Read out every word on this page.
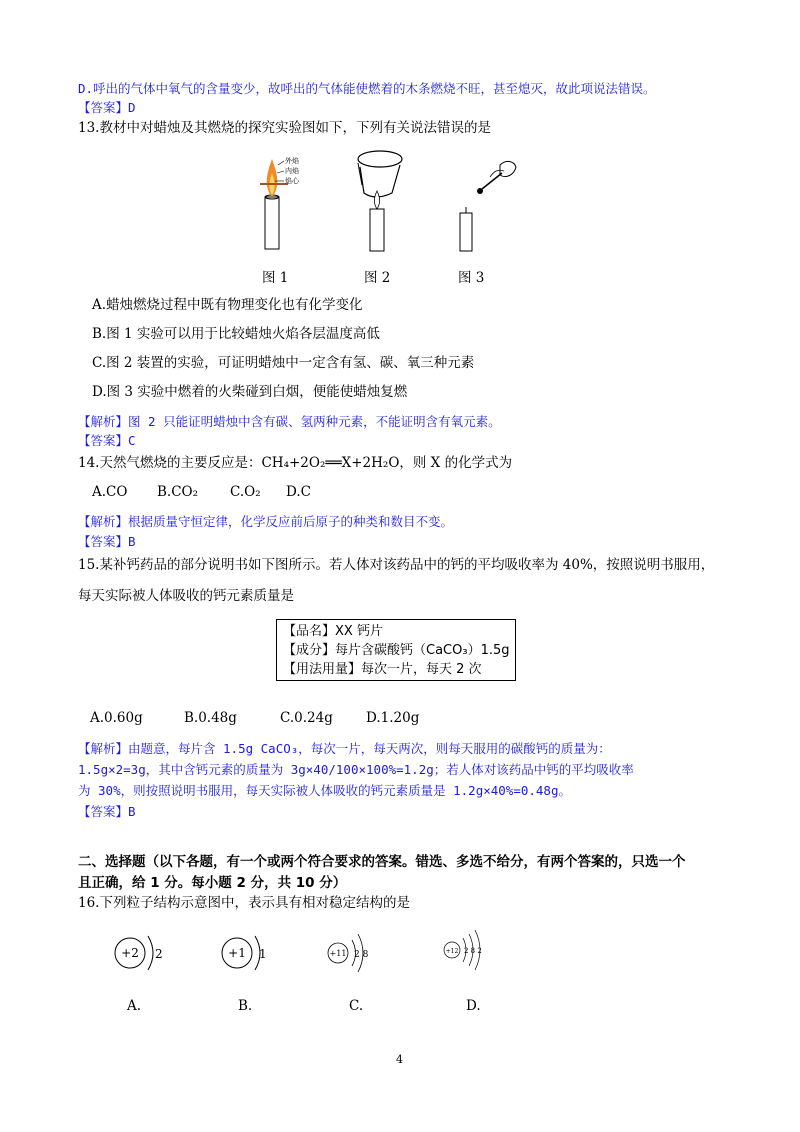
D.呼出的气体中氧气的含量变少，故呼出的气体能使燃着的木条燃烧不旺，甚至熄灭，故此项说法错误。
【答案】D
13.教材中对蜡烛及其燃烧的探究实验图如下，下列有关说法错误的是
外焰
内焰
焰心
图 1	图 2	图 3
A.蜡烛燃烧过程中既有物理变化也有化学变化
B.图 1 实验可以用于比较蜡烛火焰各层温度高低
C.图 2 装置的实验，可证明蜡烛中一定含有氢、碳、氧三种元素
D.图 3 实验中燃着的火柴碰到白烟，便能使蜡烛复燃
【解析】图 2 只能证明蜡烛中含有碳、氢两种元素，不能证明含有氧元素。
【答案】C
14.天然气燃烧的主要反应是：CH₄+2O₂══X+2H₂O，则 X 的化学式为
A.CO B.CO₂ C.O₂ D.C
【解析】根据质量守恒定律，化学反应前后原子的种类和数目不变。
【答案】B
15.某补钙药品的部分说明书如下图所示。若人体对该药品中的钙的平均吸收率为 40%，按照说明书服用，
每天实际被人体吸收的钙元素质量是
【品名】XX 钙片
【成分】每片含碳酸钙（CaCO₃）1.5g
【用法用量】每次一片，每天 2 次
A.0.60g	B.0.48g	C.0.24g D.1.20g
【解析】由题意，每片含 1.5g CaCO₃，每次一片，每天两次，则每天服用的碳酸钙的质量为：
1.5g×2=3g，其中含钙元素的质量为 3g×40/100×100%=1.2g；若人体对该药品中钙的平均吸收率
为 30%，则按照说明书服用，每天实际被人体吸收的钙元素质量是 1.2g×40%=0.48g。
【答案】B
二、选择题（以下各题，有一个或两个符合要求的答案。错选、多选不给分，有两个答案的，只选一个
且正确，给 1 分。每小题 2 分，共 10 分）
16.下列粒子结构示意图中，表示具有相对稳定结构的是
+2 2	+1 1	+11 2 8	+12 2 8 2
A.	B.	C.	D.
4
